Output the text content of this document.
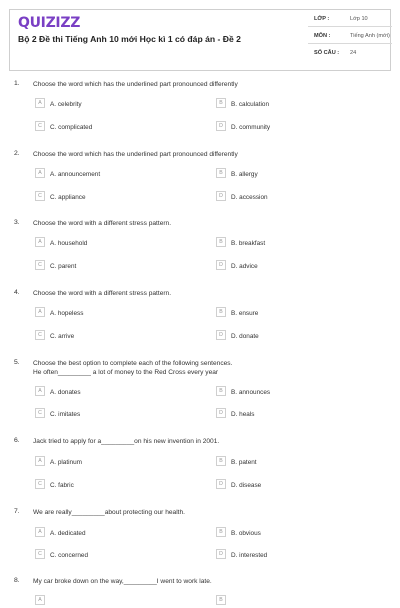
QUIZIZZ
Bộ 2 Đề thi Tiếng Anh 10 mới Học kì 1 có đáp án - Đề 2
LỚP :	Lớp 10
MÔN :	Tiếng Anh (mới)
SỐ CÂU : 24
1. Choose the word which has the underlined part pronounced differently
A A. celebrity	B B. calculation
C C. complicated	D D. community
2. Choose the word which has the underlined part pronounced differently
A A. announcement	B B. allergy
C C. appliance	D D. accession
3. Choose the word with a different stress pattern.
A A. household	B B. breakfast
C C. parent	D D. advice
4. Choose the word with a different stress pattern.
A A. hopeless	B B. ensure
C C. arrive	D D. donate
5. Choose the best option to complete each of the following sentences.
He often_________ a lot of money to the Red Cross every year
A A. donates	B B. announces
C C. imitates	D D. heals
6. Jack tried to apply for a_________on his new invention in 2001.
A A. platinum	B B. patent
C C. fabric	D D. disease
7. We are really_________about protecting our health.
A A. dedicated	B B. obvious
C C. concerned	D D. interested
8. My car broke down on the way,_________I went to work late.
A	B
